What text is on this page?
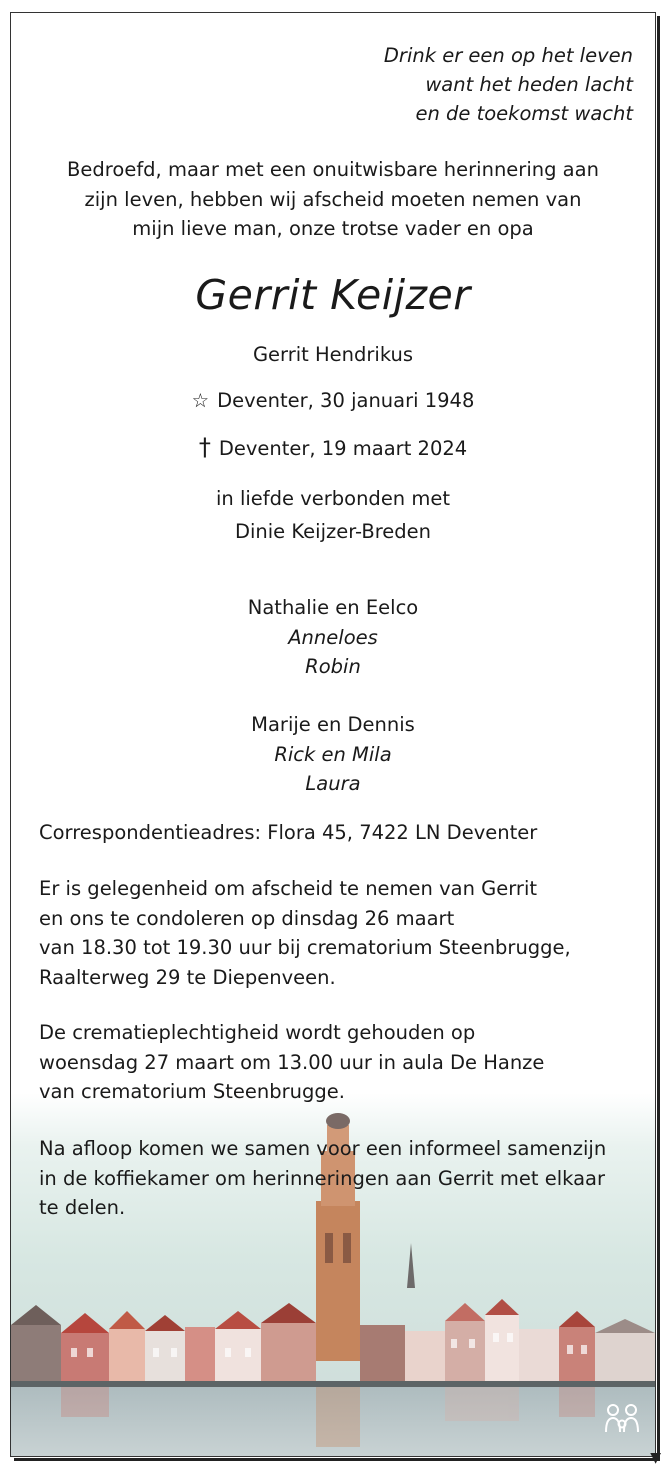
Drink er een op het leven
want het heden lacht
en de toekomst wacht
Bedroefd, maar met een onuitwisbare herinnering aan
zijn leven, hebben wij afscheid moeten nemen van
mijn lieve man, onze trotse vader en opa
Gerrit Keijzer
Gerrit Hendrikus
☆ Deventer, 30 januari 1948
† Deventer, 19 maart 2024
in liefde verbonden met
Dinie Keijzer-Breden
Nathalie en Eelco
Anneloes
Robin
Marije en Dennis
Rick en Mila
Laura
Correspondentieadres: Flora 45, 7422 LN Deventer
Er is gelegenheid om afscheid te nemen van Gerrit
en ons te condoleren op dinsdag 26 maart
van 18.30 tot 19.30 uur bij crematorium Steenbrugge,
Raalterweg 29 te Diepenveen.
De crematieplechtigheid wordt gehouden op
woensdag 27 maart om 13.00 uur in aula De Hanze
van crematorium Steenbrugge.
Na afloop komen we samen voor een informeel samenzijn
in de koffiekamer om herinneringen aan Gerrit met elkaar
te delen.
▼
